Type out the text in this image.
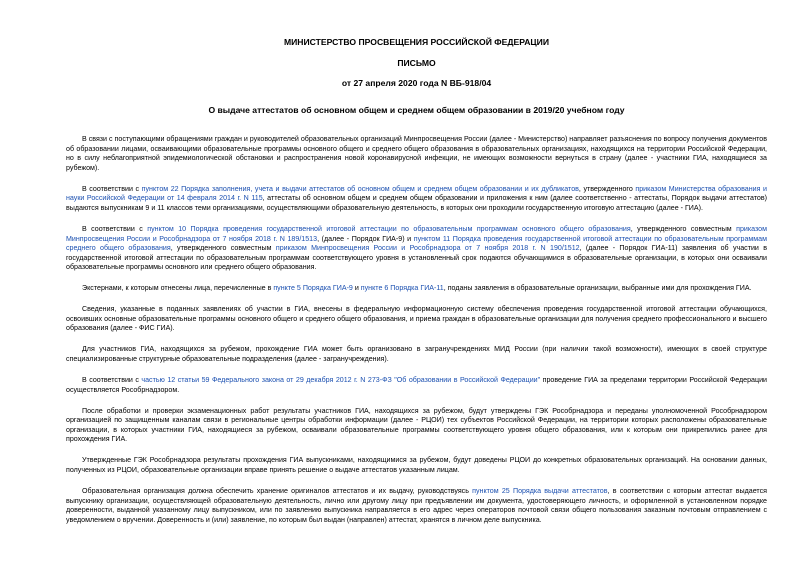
МИНИСТЕРСТВО ПРОСВЕЩЕНИЯ РОССИЙСКОЙ ФЕДЕРАЦИИ
ПИСЬМО
от 27 апреля 2020 года N ВБ-918/04
О выдаче аттестатов об основном общем и среднем общем образовании в 2019/20 учебном году

В связи с поступающими обращениями граждан и руководителей образовательных организаций Минпросвещения России (далее - Министерство) направляет разъяснения по вопросу получения документов об образовании лицами, осваивающими образовательные программы основного общего и среднего общего образования в образовательных организациях, находящихся на территории Российской Федерации, но в силу неблагоприятной эпидемиологической обстановки и распространения новой коронавирусной инфекции, не имеющих возможности вернуться в страну (далее - участники ГИА, находящиеся за рубежом).

В соответствии с пунктом 22 Порядка заполнения, учета и выдачи аттестатов об основном общем и среднем общем образовании и их дубликатов, утвержденного приказом Министерства образования и науки Российской Федерации от 14 февраля 2014 г. N 115, аттестаты об основном общем и среднем общем образовании и приложения к ним (далее соответственно - аттестаты, Порядок выдачи аттестатов) выдаются выпускникам 9 и 11 классов теми организациями, осуществляющими образовательную деятельность, в которых они проходили государственную итоговую аттестацию (далее - ГИА).

В соответствии с пунктом 10 Порядка проведения государственной итоговой аттестации по образовательным программам основного общего образования, утвержденного совместным приказом Минпросвещения России и Рособрнадзора от 7 ноября 2018 г. N 189/1513, (далее - Порядок ГИА-9) и пунктом 11 Порядка проведения государственной итоговой аттестации по образовательным программам среднего общего образования, утвержденного совместным приказом Минпросвещения России и Рособрнадзора от 7 ноября 2018 г. N 190/1512, (далее - Порядок ГИА-11) заявления об участии в государственной итоговой аттестации по образовательным программам соответствующего уровня в установленный срок подаются обучающимися в образовательные организации, в которых они осваивали образовательные программы основного или среднего общего образования.

Экстернами, к которым отнесены лица, перечисленные в пункте 5 Порядка ГИА-9 и пункте 6 Порядка ГИА-11, поданы заявления в образовательные организации, выбранные ими для прохождения ГИА.

Сведения, указанные в поданных заявлениях об участии в ГИА, внесены в федеральную информационную систему обеспечения проведения государственной итоговой аттестации обучающихся, освоивших основные образовательные программы основного общего и среднего общего образования, и приема граждан в образовательные организации для получения среднего профессионального и высшего образования (далее - ФИС ГИА).

Для участников ГИА, находящихся за рубежом, прохождение ГИА может быть организовано в загранучреждениях МИД России (при наличии такой возможности), имеющих в своей структуре специализированные структурные образовательные подразделения (далее - загранучреждения).

В соответствии с частью 12 статьи 59 Федерального закона от 29 декабря 2012 г. N 273-ФЗ "Об образовании в Российской Федерации" проведение ГИА за пределами территории Российской Федерации осуществляется Рособрнадзором.

После обработки и проверки экзаменационных работ результаты участников ГИА, находящихся за рубежом, будут утверждены ГЭК Рособрнадзора и переданы уполномоченной Рособрнадзором организацией по защищенным каналам связи в региональные центры обработки информации (далее - РЦОИ) тех субъектов Российской Федерации, на территории которых расположены образовательные организации, в которых участники ГИА, находящиеся за рубежом, осваивали образовательные программы соответствующего уровня общего образования, или к которым они прикрепились ранее для прохождения ГИА.

Утвержденные ГЭК Рособрнадзора результаты прохождения ГИА выпускниками, находящимися за рубежом, будут доведены РЦОИ до конкретных образовательных организаций. На основании данных, полученных из РЦОИ, образовательные организации вправе принять решение о выдаче аттестатов указанным лицам.

Образовательная организация должна обеспечить хранение оригиналов аттестатов и их выдачу, руководствуясь пунктом 25 Порядка выдачи аттестатов, в соответствии с которым аттестат выдается выпускнику организации, осуществляющей образовательную деятельность, лично или другому лицу при предъявлении им документа, удостоверяющего личность, и оформленной в установленном порядке доверенности, выданной указанному лицу выпускником, или по заявлению выпускника направляется в его адрес через операторов почтовой связи общего пользования заказным почтовым отправлением с уведомлением о вручении. Доверенность и (или) заявление, по которым был выдан (направлен) аттестат, хранятся в личном деле выпускника.
